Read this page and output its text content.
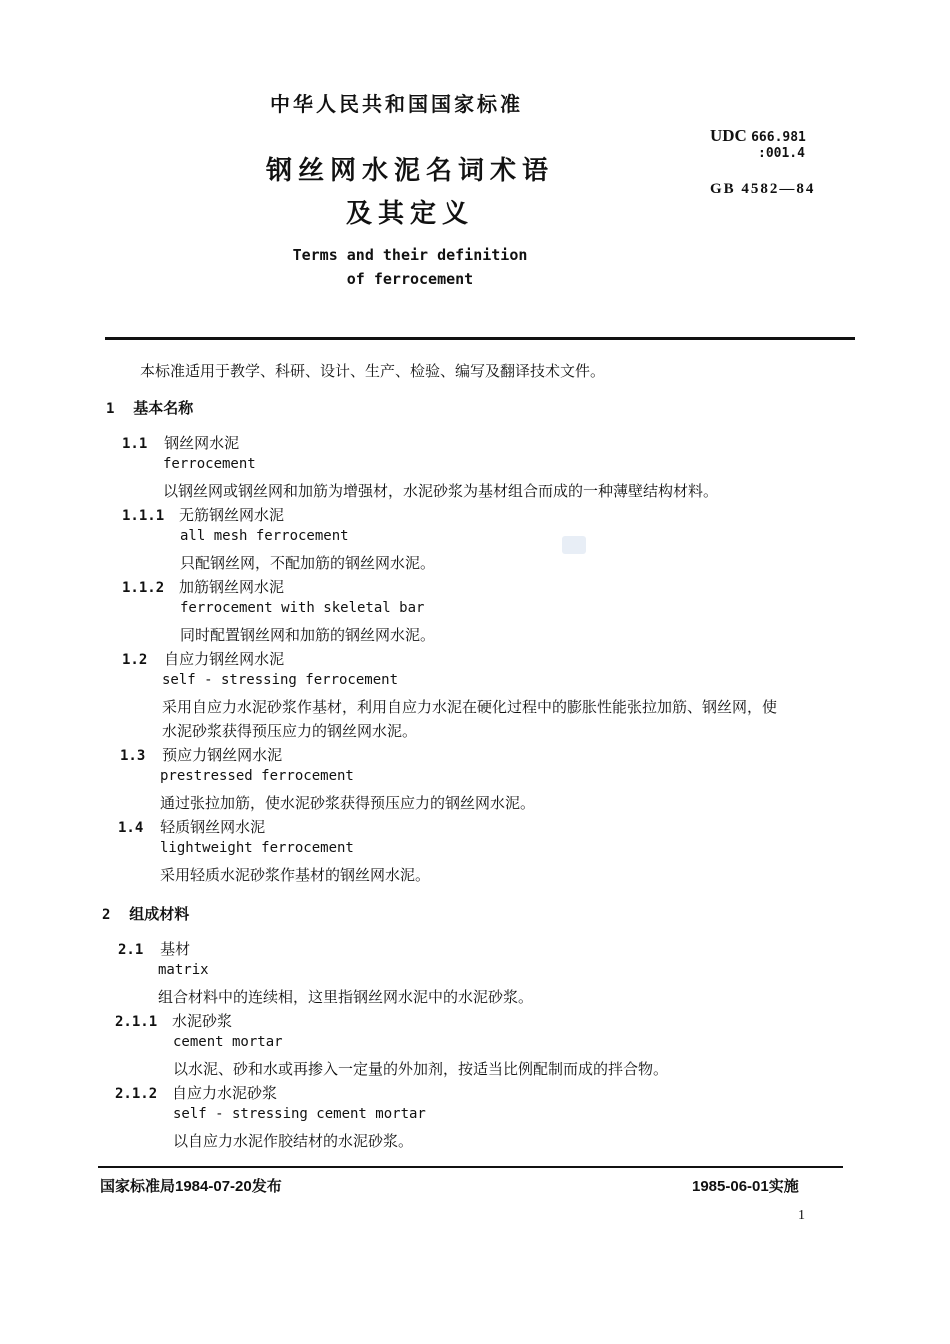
中华人民共和国国家标准
钢丝网水泥名词术语
及其定义
Terms and their definition
of ferrocement
UDC 666.981
:001.4
GB 4582—84
本标准适用于教学、科研、设计、生产、检验、编写及翻译技术文件。
1 基本名称
1.1 钢丝网水泥
ferrocement
以钢丝网或钢丝网和加筋为增强材，水泥砂浆为基材组合而成的一种薄壁结构材料。
1.1.1 无筋钢丝网水泥
all mesh ferrocement
只配钢丝网，不配加筋的钢丝网水泥。
1.1.2 加筋钢丝网水泥
ferrocement with skeletal bar
同时配置钢丝网和加筋的钢丝网水泥。
1.2 自应力钢丝网水泥
self - stressing ferrocement
采用自应力水泥砂浆作基材，利用自应力水泥在硬化过程中的膨胀性能张拉加筋、钢丝网，使
水泥砂浆获得预压应力的钢丝网水泥。
1.3 预应力钢丝网水泥
prestressed ferrocement
通过张拉加筋，使水泥砂浆获得预压应力的钢丝网水泥。
1.4 轻质钢丝网水泥
lightweight ferrocement
采用轻质水泥砂浆作基材的钢丝网水泥。
2 组成材料
2.1 基材
matrix
组合材料中的连续相，这里指钢丝网水泥中的水泥砂浆。
2.1.1 水泥砂浆
cement mortar
以水泥、砂和水或再掺入一定量的外加剂，按适当比例配制而成的拌合物。
2.1.2 自应力水泥砂浆
self - stressing cement mortar
以自应力水泥作胶结材的水泥砂浆。
国家标准局1984-07-20发布	1985-06-01实施
1
